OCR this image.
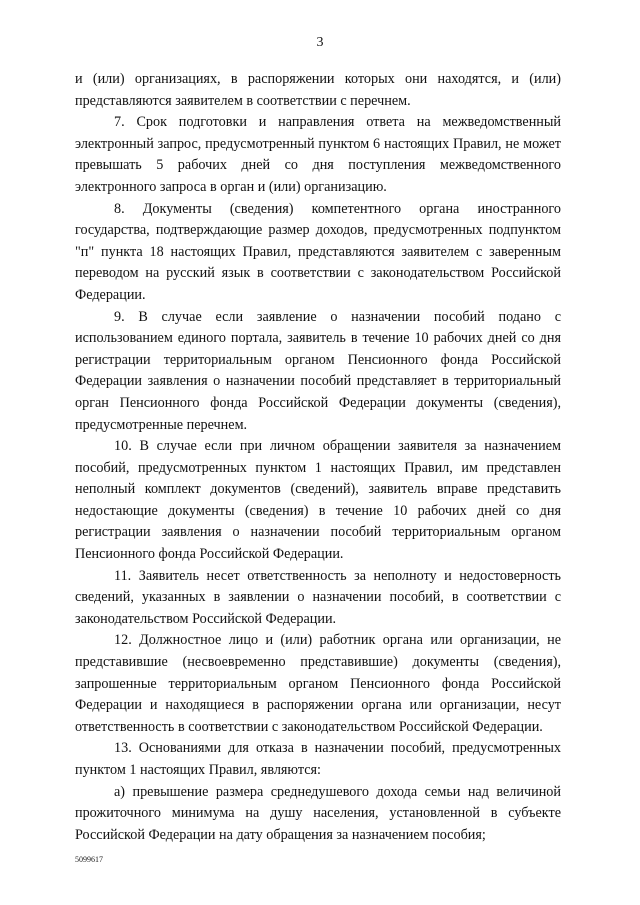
3

и (или) организациях, в распоряжении которых они находятся, и (или) представляются заявителем в соответствии с перечнем.

7. Срок подготовки и направления ответа на межведомственный электронный запрос, предусмотренный пунктом 6 настоящих Правил, не может превышать 5 рабочих дней со дня поступления межведомственного электронного запроса в орган и (или) организацию.

8. Документы (сведения) компетентного органа иностранного государства, подтверждающие размер доходов, предусмотренных подпунктом "п" пункта 18 настоящих Правил, представляются заявителем с заверенным переводом на русский язык в соответствии с законодательством Российской Федерации.

9. В случае если заявление о назначении пособий подано с использованием единого портала, заявитель в течение 10 рабочих дней со дня регистрации территориальным органом Пенсионного фонда Российской Федерации заявления о назначении пособий представляет в территориальный орган Пенсионного фонда Российской Федерации документы (сведения), предусмотренные перечнем.

10. В случае если при личном обращении заявителя за назначением пособий, предусмотренных пунктом 1 настоящих Правил, им представлен неполный комплект документов (сведений), заявитель вправе представить недостающие документы (сведения) в течение 10 рабочих дней со дня регистрации заявления о назначении пособий территориальным органом Пенсионного фонда Российской Федерации.

11. Заявитель несет ответственность за неполноту и недостоверность сведений, указанных в заявлении о назначении пособий, в соответствии с законодательством Российской Федерации.

12. Должностное лицо и (или) работник органа или организации, не представившие (несвоевременно представившие) документы (сведения), запрошенные территориальным органом Пенсионного фонда Российской Федерации и находящиеся в распоряжении органа или организации, несут ответственность в соответствии с законодательством Российской Федерации.

13. Основаниями для отказа в назначении пособий, предусмотренных пунктом 1 настоящих Правил, являются:

а) превышение размера среднедушевого дохода семьи над величиной прожиточного минимума на душу населения, установленной в субъекте Российской Федерации на дату обращения за назначением пособия;

5099617
